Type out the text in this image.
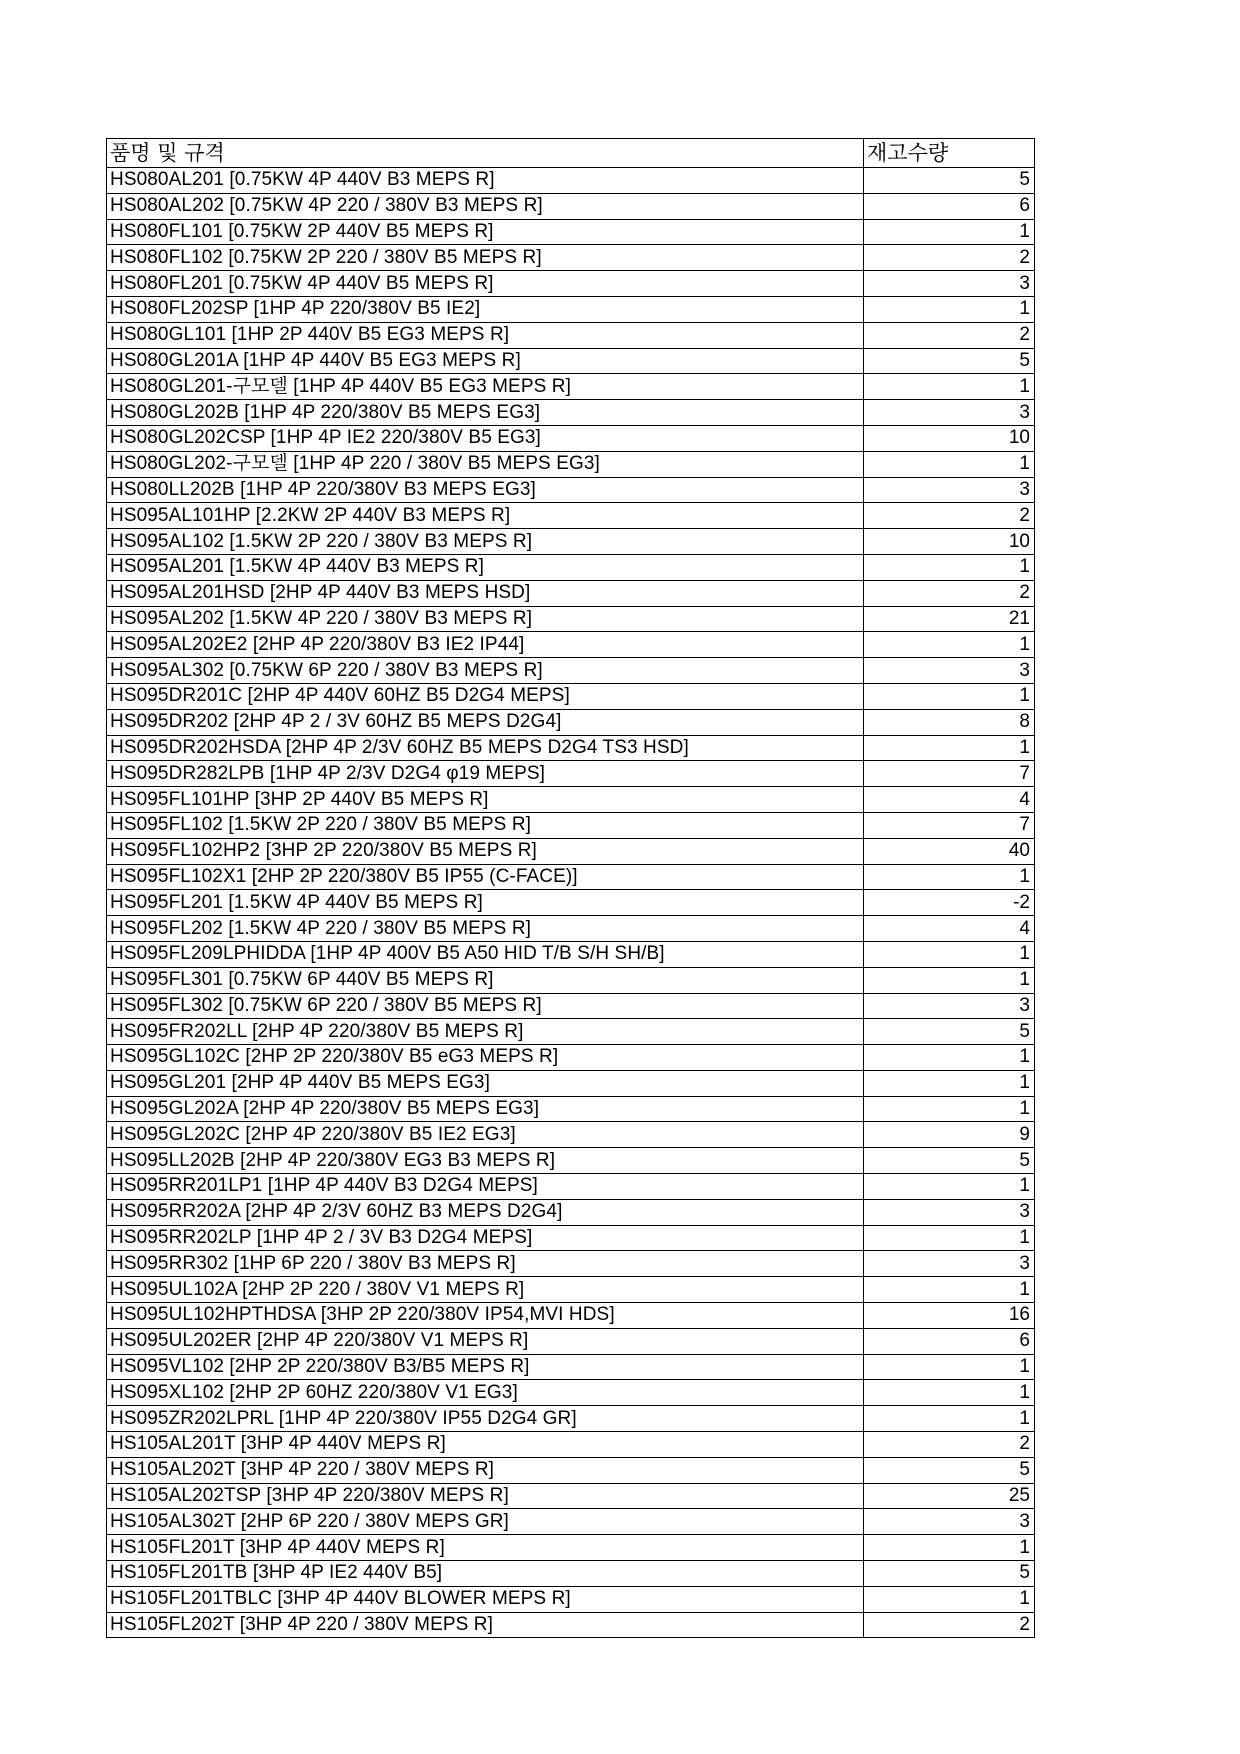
품명 및 규격	재고수량
HS080AL201 [0.75KW 4P 440V B3 MEPS R]	5
HS080AL202 [0.75KW 4P 220 / 380V B3 MEPS R]	6
HS080FL101 [0.75KW 2P 440V B5 MEPS R]	1
HS080FL102 [0.75KW 2P 220 / 380V B5 MEPS R]	2
HS080FL201 [0.75KW 4P 440V B5 MEPS R]	3
HS080FL202SP [1HP 4P 220/380V B5 IE2]	1
HS080GL101 [1HP 2P 440V B5 EG3 MEPS R]	2
HS080GL201A [1HP 4P 440V B5 EG3 MEPS R]	5
HS080GL201-구모델 [1HP 4P 440V B5 EG3 MEPS R]	1
HS080GL202B [1HP 4P 220/380V B5 MEPS EG3]	3
HS080GL202CSP [1HP 4P IE2 220/380V B5 EG3]	10
HS080GL202-구모델 [1HP 4P 220 / 380V B5 MEPS EG3]	1
HS080LL202B [1HP 4P 220/380V B3 MEPS EG3]	3
HS095AL101HP [2.2KW 2P 440V B3 MEPS R]	2
HS095AL102 [1.5KW 2P 220 / 380V B3 MEPS R]	10
HS095AL201 [1.5KW 4P 440V B3 MEPS R]	1
HS095AL201HSD [2HP 4P 440V B3 MEPS HSD]	2
HS095AL202 [1.5KW 4P 220 / 380V B3 MEPS R]	21
HS095AL202E2 [2HP 4P 220/380V B3 IE2 IP44]	1
HS095AL302 [0.75KW 6P 220 / 380V B3 MEPS R]	3
HS095DR201C [2HP 4P 440V 60HZ B5 D2G4 MEPS]	1
HS095DR202 [2HP 4P 2 / 3V 60HZ B5 MEPS D2G4]	8
HS095DR202HSDA [2HP 4P 2/3V 60HZ B5 MEPS D2G4 TS3 HSD]	1
HS095DR282LPB [1HP 4P 2/3V D2G4 φ19 MEPS]	7
HS095FL101HP [3HP 2P 440V B5 MEPS R]	4
HS095FL102 [1.5KW 2P 220 / 380V B5 MEPS R]	7
HS095FL102HP2 [3HP 2P 220/380V B5 MEPS R]	40
HS095FL102X1 [2HP 2P 220/380V B5 IP55 (C-FACE)]	1
HS095FL201 [1.5KW 4P 440V B5 MEPS R]	-2
HS095FL202 [1.5KW 4P 220 / 380V B5 MEPS R]	4
HS095FL209LPHIDDA [1HP 4P 400V B5 A50 HID T/B S/H SH/B]	1
HS095FL301 [0.75KW 6P 440V B5 MEPS R]	1
HS095FL302 [0.75KW 6P 220 / 380V B5 MEPS R]	3
HS095FR202LL [2HP 4P 220/380V B5 MEPS R]	5
HS095GL102C [2HP 2P 220/380V B5 eG3 MEPS R]	1
HS095GL201 [2HP 4P 440V B5 MEPS EG3]	1
HS095GL202A [2HP 4P 220/380V B5 MEPS EG3]	1
HS095GL202C [2HP 4P 220/380V B5 IE2 EG3]	9
HS095LL202B [2HP 4P 220/380V EG3 B3 MEPS R]	5
HS095RR201LP1 [1HP 4P 440V B3 D2G4 MEPS]	1
HS095RR202A [2HP 4P 2/3V 60HZ B3 MEPS D2G4]	3
HS095RR202LP [1HP 4P 2 / 3V B3 D2G4 MEPS]	1
HS095RR302 [1HP 6P 220 / 380V B3 MEPS R]	3
HS095UL102A [2HP 2P 220 / 380V V1 MEPS R]	1
HS095UL102HPTHDSA [3HP 2P 220/380V IP54,MVI HDS]	16
HS095UL202ER [2HP 4P 220/380V V1 MEPS R]	6
HS095VL102 [2HP 2P 220/380V B3/B5 MEPS R]	1
HS095XL102 [2HP 2P 60HZ 220/380V V1 EG3]	1
HS095ZR202LPRL [1HP 4P 220/380V IP55 D2G4 GR]	1
HS105AL201T [3HP 4P 440V MEPS R]	2
HS105AL202T [3HP 4P 220 / 380V MEPS R]	5
HS105AL202TSP [3HP 4P 220/380V MEPS R]	25
HS105AL302T [2HP 6P 220 / 380V MEPS GR]	3
HS105FL201T [3HP 4P 440V MEPS R]	1
HS105FL201TB [3HP 4P IE2 440V B5]	5
HS105FL201TBLC [3HP 4P 440V BLOWER MEPS R]	1
HS105FL202T [3HP 4P 220 / 380V MEPS R]	2
